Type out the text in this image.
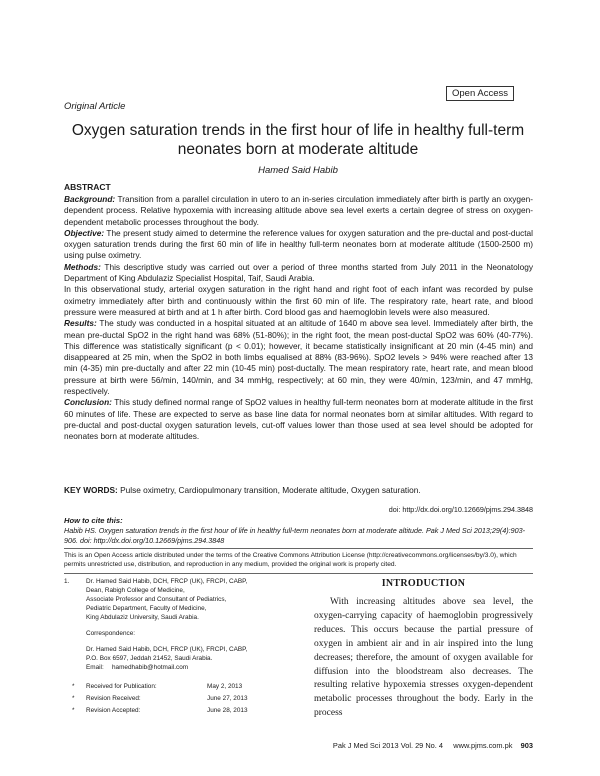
Open Access
Original Article
Oxygen saturation trends in the first hour of life in healthy full-term neonates born at moderate altitude
Hamed Said Habib
ABSTRACT

Background: Transition from a parallel circulation in utero to an in-series circulation immediately after birth is partly an oxygen-dependent process. Relative hypoxemia with increasing altitude above sea level exerts a certain degree of stress on oxygen-dependent metabolic processes throughout the body.

Objective: The present study aimed to determine the reference values for oxygen saturation and the pre-ductal and post-ductal oxygen saturation trends during the first 60 min of life in healthy full-term neonates born at moderate altitude (1500-2500 m) using pulse oximetry.

Methods: This descriptive study was carried out over a period of three months started from July 2011 in the Neonatology Department of King Abdulaziz Specialist Hospital, Taif, Saudi Arabia.

In this observational study, arterial oxygen saturation in the right hand and right foot of each infant was recorded by pulse oximetry immediately after birth and continuously within the first 60 min of life. The respiratory rate, heart rate, and blood pressure were measured at birth and at 1 h after birth. Cord blood gas and haemoglobin levels were also measured.

Results: The study was conducted in a hospital situated at an altitude of 1640 m above sea level. Immediately after birth, the mean pre-ductal SpO2 in the right hand was 68% (51-80%); in the right foot, the mean post-ductal SpO2 was 60% (40-77%). This difference was statistically significant (p < 0.01); however, it became statistically insignificant at 20 min (4-45 min) and disappeared at 25 min, when the SpO2 in both limbs equalised at 88% (83-96%). SpO2 levels > 94% were reached after 13 min (4-35) min pre-ductally and after 22 min (10-45 min) post-ductally. The mean respiratory rate, heart rate, and mean blood pressure at birth were 56/min, 140/min, and 34 mmHg, respectively; at 60 min, they were 40/min, 123/min, and 47 mmHg, respectively.

Conclusion: This study defined normal range of SpO2 values in healthy full-term neonates born at moderate altitude in the first 60 minutes of life. These are expected to serve as base line data for normal neonates born at similar altitudes. With regard to pre-ductal and post-ductal oxygen saturation levels, cut-off values lower than those used at sea level should be adopted for neonates born at moderate altitudes.

KEY WORDS: Pulse oximetry, Cardiopulmonary transition, Moderate altitude, Oxygen saturation.
doi: http://dx.doi.org/10.12669/pjms.294.3848
How to cite this:
Habib HS. Oxygen saturation trends in the first hour of life in healthy full-term neonates born at moderate altitude. Pak J Med Sci 2013;29(4):903-906. doi: http://dx.doi.org/10.12669/pjms.294.3848
This is an Open Access article distributed under the terms of the Creative Commons Attribution License (http://creativecommons.org/licenses/by/3.0), which permits unrestricted use, distribution, and reproduction in any medium, provided the original work is properly cited.
1.	Dr. Hamed Said Habib, DCH, FRCP (UK), FRCPI, CABP,
Dean, Rabigh College of Medicine,
Associate Professor and Consultant of Pediatrics,
Pediatric Department, Faculty of Medicine,
King Abdulaziz University, Saudi Arabia.
Correspondence:
Dr. Hamed Said Habib, DCH, FRCP (UK), FRCPI, CABP,
P.O. Box 6597, Jeddah 21452, Saudi Arabia.
Email: hamedhabib@hotmail.com
* Received for Publication:	May 2, 2013
* Revision Received:	June 27, 2013
* Revision Accepted:	June 28, 2013
INTRODUCTION

With increasing altitudes above sea level, the oxygen-carrying capacity of haemoglobin progressively reduces. This occurs because the partial pressure of oxygen in ambient air and in air inspired into the lung decreases; therefore, the amount of oxygen available for diffusion into the bloodstream also decreases. The resulting relative hypoxemia stresses oxygen-dependent metabolic processes throughout the body. Early in the process

Pak J Med Sci 2013 Vol. 29 No. 4 www.pjms.com.pk 903
